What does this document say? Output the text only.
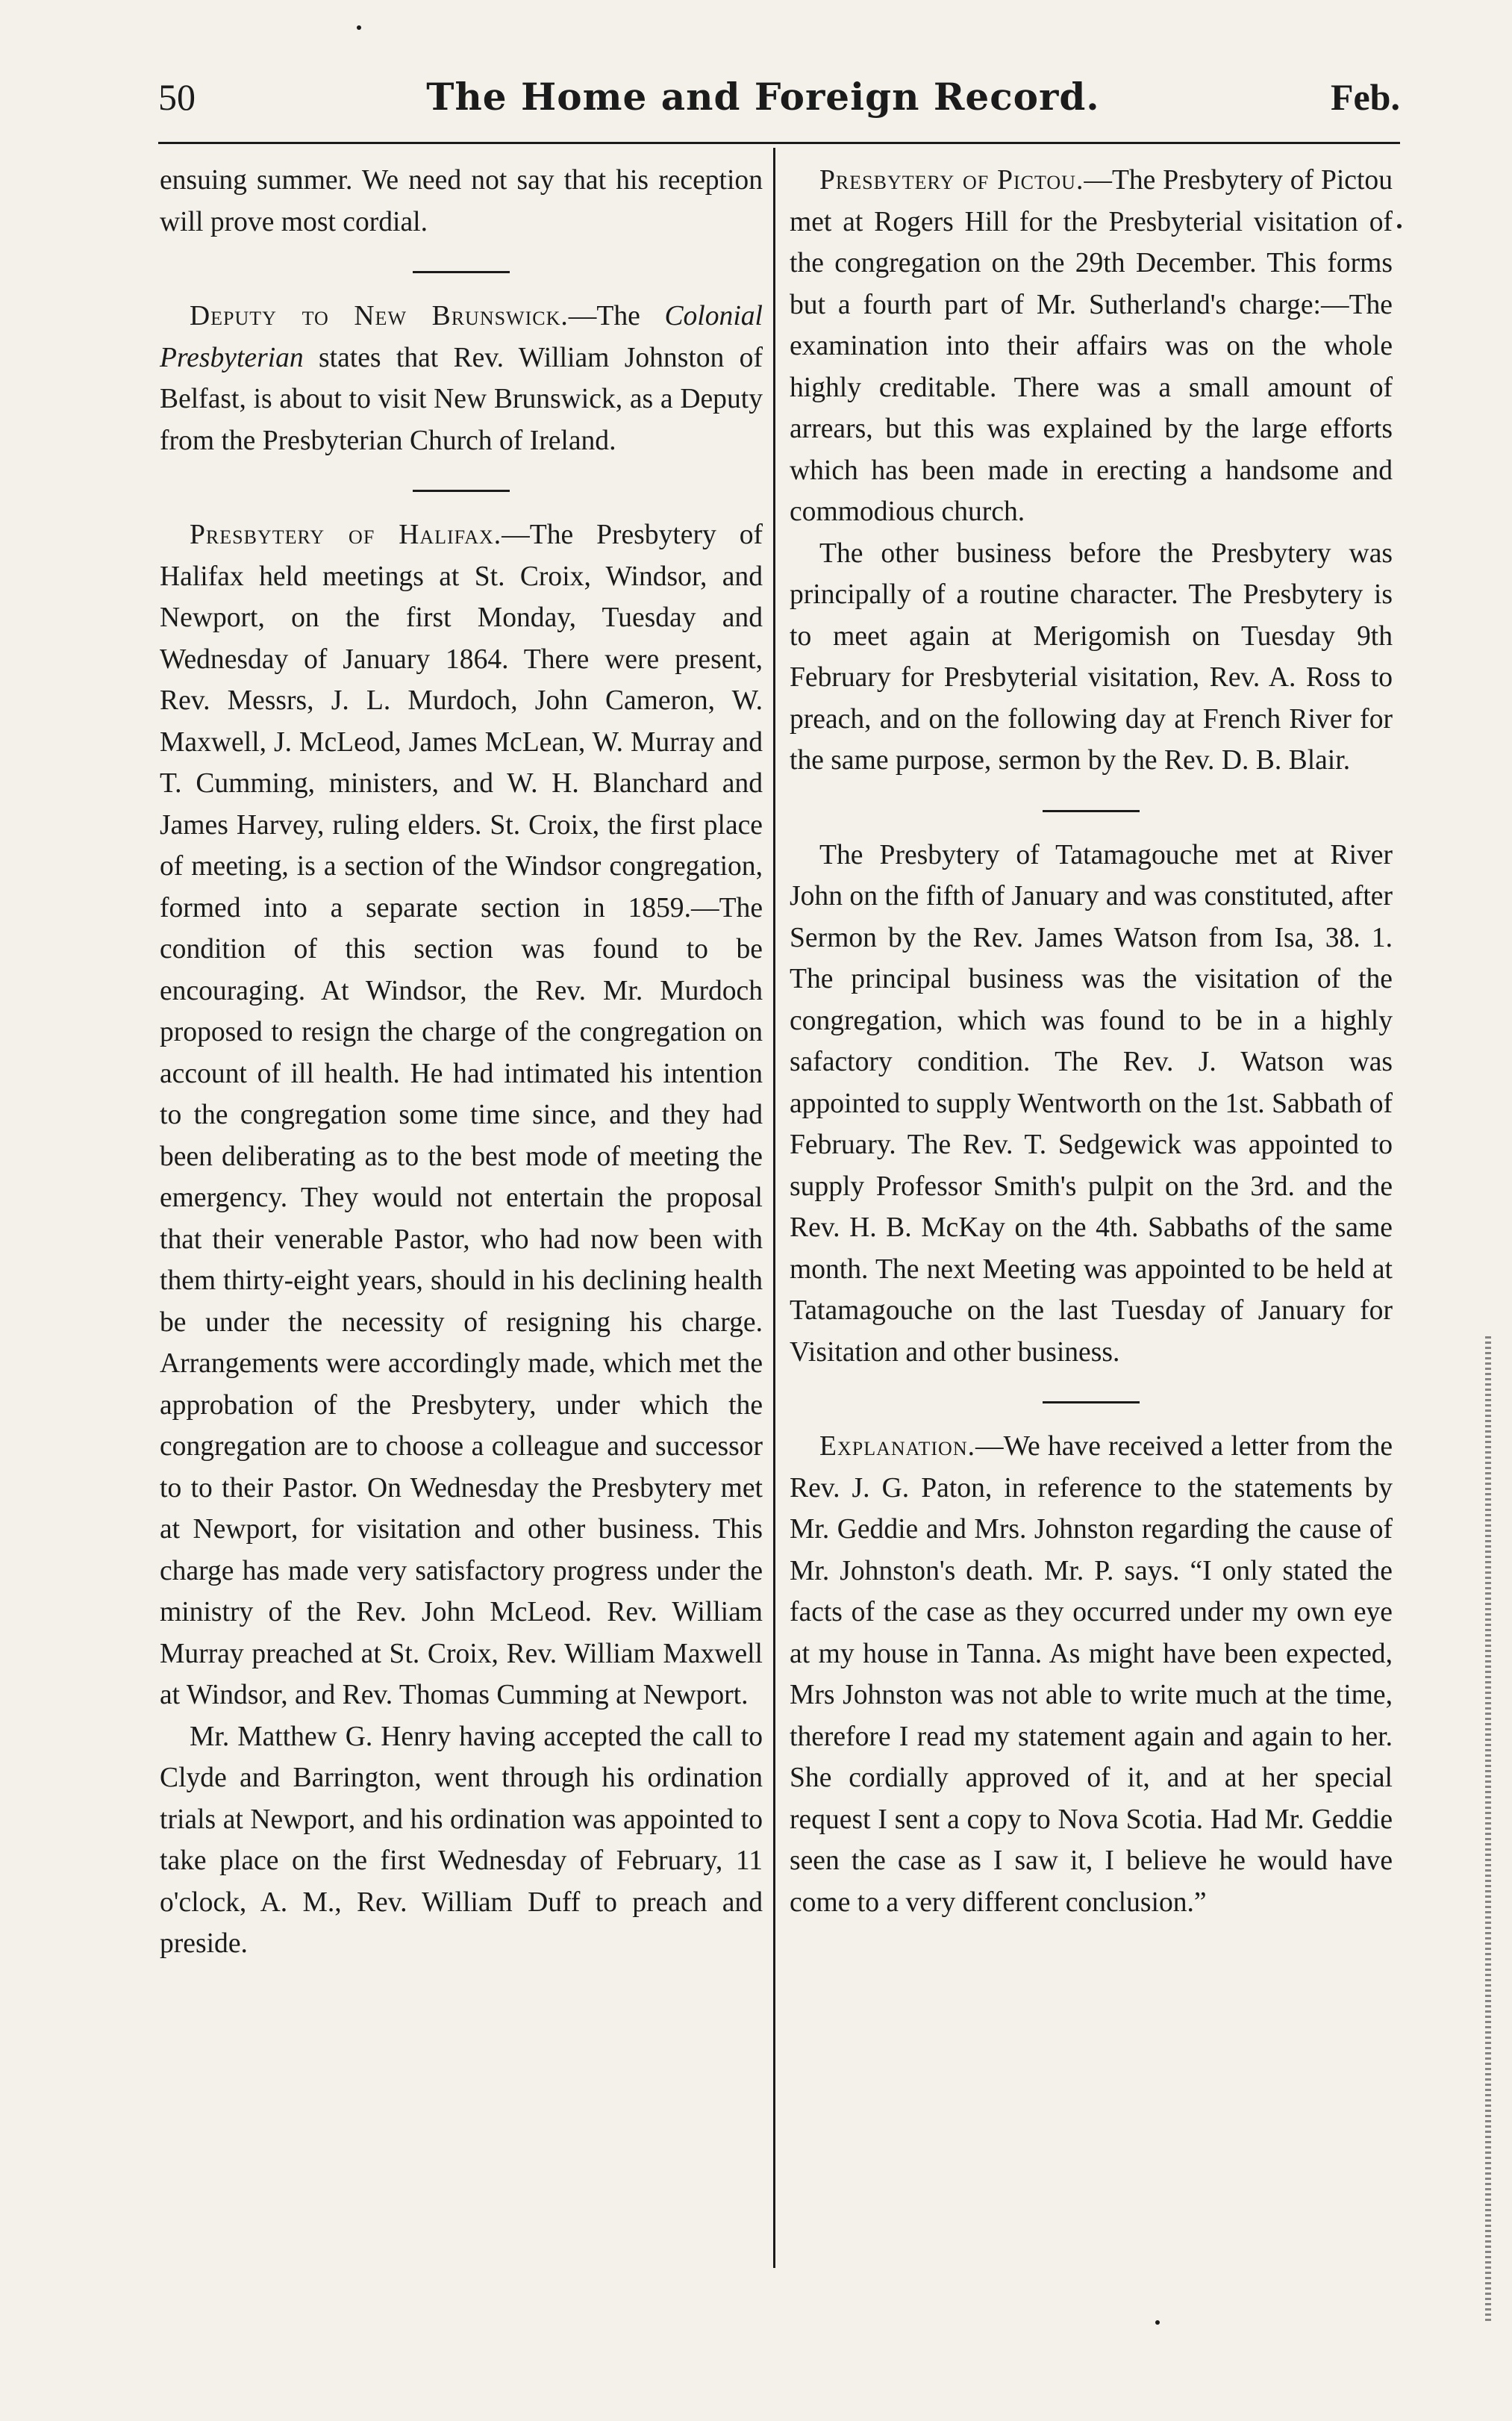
50	The Home and Foreign Record.	Feb.

ensuing summer. We need not say that his reception will prove most cordial.

Deputy to New Brunswick.—The Colonial Presbyterian states that Rev. William Johnston of Belfast, is about to visit New Brunswick, as a Deputy from the Presbyterian Church of Ireland.

Presbytery of Halifax.—The Presbytery of Halifax held meetings at St. Croix, Windsor, and Newport, on the first Monday, Tuesday and Wednesday of January 1864. There were present, Rev. Messrs, J. L. Murdoch, John Cameron, W. Maxwell, J. McLeod, James McLean, W. Murray and T. Cumming, ministers, and W. H. Blanchard and James Harvey, ruling elders. St. Croix, the first place of meeting, is a section of the Windsor congregation, formed into a separate section in 1859.—The condition of this section was found to be encouraging. At Windsor, the Rev. Mr. Murdoch proposed to resign the charge of the congregation on account of ill health. He had intimated his intention to the congregation some time since, and they had been deliberating as to the best mode of meeting the emergency. They would not entertain the proposal that their venerable Pastor, who had now been with them thirty-eight years, should in his declining health be under the necessity of resigning his charge. Arrangements were accordingly made, which met the approbation of the Presbytery, under which the congregation are to choose a colleague and successor to to their Pastor. On Wednesday the Presbytery met at Newport, for visitation and other business. This charge has made very satisfactory progress under the ministry of the Rev. John McLeod. Rev. William Murray preached at St. Croix, Rev. William Maxwell at Windsor, and Rev. Thomas Cumming at Newport.

Mr. Matthew G. Henry having accepted the call to Clyde and Barrington, went through his ordination trials at Newport, and his ordination was appointed to take place on the first Wednesday of February, 11 o'clock, A. M., Rev. William Duff to preach and preside.

Presbytery of Pictou.—The Presbytery of Pictou met at Rogers Hill for the Presbyterial visitation of the congregation on the 29th December. This forms but a fourth part of Mr. Sutherland's charge:—The examination into their affairs was on the whole highly creditable. There was a small amount of arrears, but this was explained by the large efforts which has been made in erecting a handsome and commodious church.

The other business before the Presbytery was principally of a routine character. The Presbytery is to meet again at Merigomish on Tuesday 9th February for Presbyterial visitation, Rev. A. Ross to preach, and on the following day at French River for the same purpose, sermon by the Rev. D. B. Blair.

The Presbytery of Tatamagouche met at River John on the fifth of January and was constituted, after Sermon by the Rev. James Watson from Isa, 38. 1. The principal business was the visitation of the congregation, which was found to be in a highly safactory condition. The Rev. J. Watson was appointed to supply Wentworth on the 1st. Sabbath of February. The Rev. T. Sedgewick was appointed to supply Professor Smith's pulpit on the 3rd. and the Rev. H. B. McKay on the 4th. Sabbaths of the same month. The next Meeting was appointed to be held at Tatamagouche on the last Tuesday of January for Visitation and other business.

Explanation.—We have received a letter from the Rev. J. G. Paton, in reference to the statements by Mr. Geddie and Mrs. Johnston regarding the cause of Mr. Johnston's death. Mr. P. says. “I only stated the facts of the case as they occurred under my own eye at my house in Tanna. As might have been expected, Mrs Johnston was not able to write much at the time, therefore I read my statement again and again to her. She cordially approved of it, and at her special request I sent a copy to Nova Scotia. Had Mr. Geddie seen the case as I saw it, I believe he would have come to a very different conclusion.”
